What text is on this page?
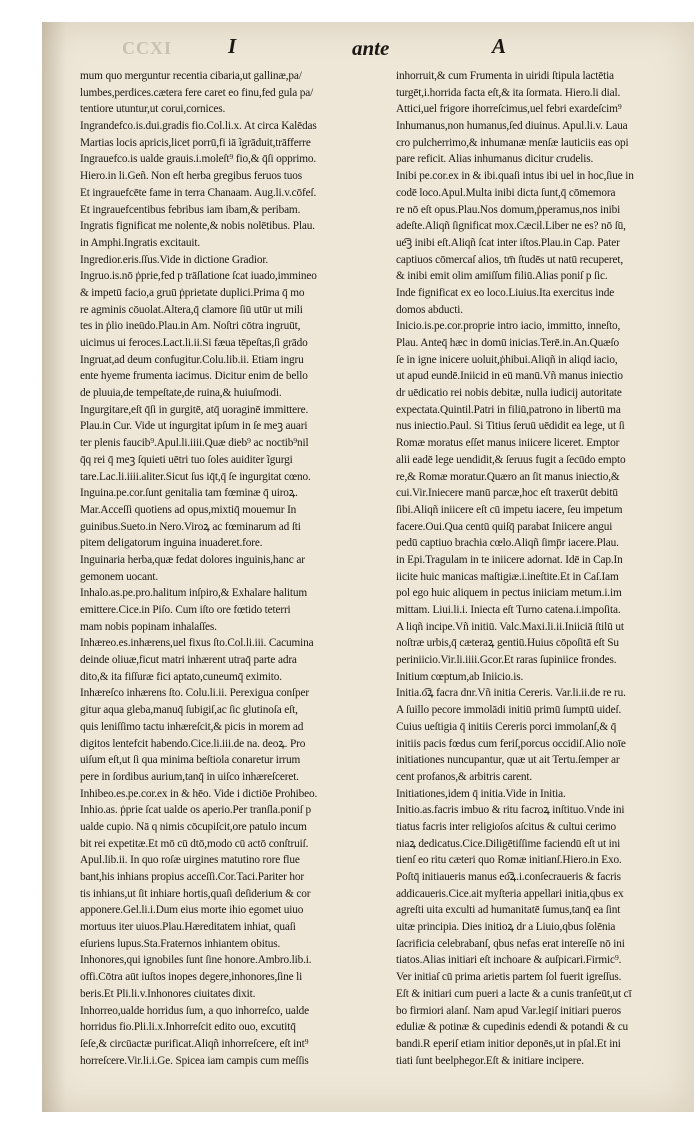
CCXI	I	ante	A
mum quo merguntur recentia cibaria,ut gallinæ,pa/
lumbes,perdices.cætera fere caret eo finu,fed gula pa/
tentiore utuntur,ut corui,cornices.
Ingrandefco.is.dui.gradis fio.Col.li.x. At circa Kalēdas
Martias locis apricis,licet porrū,fi iā ĩgrāduit,trāfferre
Ingrauefco.is ualde grauis.i.moleſt⁹ fio,& q̄ſi opprimo.
Hiero.in li.Geñ. Non eſt herba gregibus feruos tuos
Et ingrauefcēte fame in terra Chanaam. Aug.li.v.cōfeſ.
Et ingrauefcentibus febribus iam ibam,& peribam.
Ingratis fignificat me nolente,& nobis nolētibus. Plau.
in Amphi.Ingratis excitauit.
Ingredior.eris.ſſus.Vide in dictione Gradior.
Ingruo.is.nō ṗprie,fed p trāſlatione ſcat iuado,immineo
& impetū facio,a gruū ṗprietate duplici.Prima q̄ mo
re agminis cōuolat.Altera,q̄ clamore ſiū utūr ut mili
tes in ṗlio ineūdo.Plau.in Am. Noſtri cōtra ingruūt,
uicimus ui feroces.Lact.li.ii.Si fæua tēpeſtas,ſi grādo
Ingruat,ad deum confugitur.Colu.lib.ii. Etiam ingru
ente hyeme frumenta iacimus. Dicitur enim de bello
de pluuia,de tempeſtate,de ruina,& huiuſmodi.
Ingurgitare,eſt q̄ſi in gurgitē, atq̄ uoraginē immittere.
Plau.in Cur. Vide ut ingurgitat ipſum in ſe meꝫ auari
ter plenis faucib⁹.Apul.li.iiii.Quæ dieb⁹ ac noctib⁹nil
q̄q rei q̄ meꝫ ſquieti uētri tuo ſoles auiditer ĩgurgi
tare.Lac.li.iiii.aliter.Sicut ſus iq̄t,q̄ ſe ingurgitat cœno.
Inguina.pe.cor.ſunt genitalia tam fœminæ q̄ uiroꝝ.
Mar.Acceſſi quotiens ad opus,mixtiq̄ mouemur In
guinibus.Sueto.in Nero.Viroꝝ ac fœminarum ad ſti
pitem deligatorum inguina inuaderet.fore.
Inguinaria herba,quæ fedat dolores inguinis,hanc ar
gemonem uocant.
Inhalo.as.pe.pro.halitum inſpiro,& Exhalare halitum
emittere.Cice.in Piſo. Cum iſto ore fœtido teterri
mam nobis popinam inhalaſſes.
Inhæreo.es.inhærens,uel fixus ſto.Col.li.iii. Cacumina
deinde oliuæ,ficut matri inhærent utraq̄ parte adra
dito,& ita fiſſuræ fici aptato,cuneumq̄ eximito.
Inhæreſco inhærens ſto. Colu.li.ii. Perexigua conſper
gitur aqua gleba,manuq̄ ſubigiſ,ac ſic glutinoſa eſt,
quis leniſſimo tactu inhæreſcit,& picis in morem ad
digitos lentefcit habendo.Cice.li.iii.de na. deoꝝ. Pro
uiſum eſt,ut ſi qua minima beſtiola conaretur irrum
pere in ſordibus aurium,tanq̄ in uiſco inhæreſceret.
Inhibeo.es.pe.cor.ex in & hēo. Vide i dictiōe Prohibeo.
Inhio.as. ṗprie ſcat ualde os aperio.Per tranſla.poniſ p
ualde cupio. Nā q nimis cōcupiſcit,ore patulo incum
bit rei expetitæ.Et mō cū dtō,modo cū actō conſtruiſ.
Apul.lib.ii. In quo roſæ uirgines matutino rore flue
bant,his inhians propius acceſſi.Cor.Taci.Pariter hor
tis inhians,ut ſit inhiare hortis,quaſi deſiderium & cor
apponere.Gel.li.i.Dum eius morte ihio egomet uiuo
mortuus iter uiuos.Plau.Hæreditatem inhiat, quaſi
eſuriens lupus.Sta.Fraternos inhiantem obitus.
Inhonores,qui ignobiles ſunt ſine honore.Ambro.lib.i.
offi.Cōtra aūt iuſtos inopes degere,inhonores,ſine li
beris.Et Pli.li.v.Inhonores ciuitates dixit.
Inhorreo,ualde horridus ſum, a quo inhorreſco, ualde
horridus fio.Pli.li.x.Inhorreſcit edito ouo, excutitq̄
ſeſe,& circūactæ purificat.Aliqñ inhorreſcere, eſt int⁹
horreſcere.Vir.li.i.Ge. Spicea iam campis cum meſſis
inhorruit,& cum Frumenta in uiridi ſtipula lactētia
turgēt,i.horrida facta eſt,& ita ſormata. Hiero.li dial.
Attici,uel frigore ihorreſcimus,uel febri exardeſcim⁹
Inhumanus,non humanus,ſed diuinus. Apul.li.v. Laua
cro pulcherrimo,& inhumanæ menſæ lauticiis eas opi
pare reficit. Alias inhumanus dicitur crudelis.
Inibi pe.cor.ex in & ibi.quaſi intus ibi uel in hoc,ſiue in
codē loco.Apul.Multa inibi dicta ſunt,q̄ cōmemora
re nō eſt opus.Plau.Nos domum,ṗperamus,nos inibi
adeſte.Aliqñ ſignificat mox.Cæcil.Liber ne es? nō ſū,
ue͡ꝫ inibi eſt.Aliqñ ſcat inter iſtos.Plau.in Cap. Pater
captiuos cōmercaſ alios, tm̄ ſtudēs ut natū recuperet,
& inibi emit olim amiſſum filiū.Alias poniſ p ſic.
Inde fignificat ex eo loco.Liuius.Ita exercitus inde
domos abducti.
Inicio.is.pe.cor.proprie intro iacio, immitto, inneſto,
Plau. Anteq̄ hæc in domū inicias.Terē.in.An.Quæſo
ſe in igne inicere uoluit,ṗhibui.Aliqñ in aliqd iacio,
ut apud eundē.Iniicid in eū manū.Vñ manus iniectio
dr uēdicatio rei nobis debitæ, nulla iudicij autoritate
expectata.Quintil.Patri in filiū,patrono in libertū ma
nus iniectio.Paul. Si Titius ſeruū uēdidit ea lege, ut ſi
Romæ moratus eſſet manus iniicere liceret. Emptor
alii eadē lege uendidit,& ſeruus fugit a ſecūdo empto
re,& Romæ moratur.Quæro an ſit manus iniectio,&
cui.Vir.Iniecere manū parcæ,hoc eſt traxerūt debitū
ſibi.Aliqñ iniicere eſt cū impetu iacere, ſeu impetum
facere.Oui.Qua centū quiſq̄ parabat Iniicere angui
pedū captiuo brachia cœlo.Aliqñ ſimp̄r iacere.Plau.
in Epi.Tragulam in te iniicere adornat. Idē in Cap.In
iicite huic manicas maſtigiæ.i.ineſtite.Et in Caſ.Iam
pol ego huic aliquem in pectus iniiciam metum.i.im
mittam. Liui.li.i. Iniecta eſt Turno catena.i.impoſita.
A liqñ incipe.Vñ initiū. Valc.Maxi.li.ii.Iniiciā ſtilū ut
noſtræ urbis,q̄ cæteraꝝ gentiū.Huius cōpoſitā eſt Su
periniicio.Vir.li.iiii.Gcor.Et raras ſupiniice frondes.
Initium cœptum,ab Iniicio.is.
Initia.o͡ꝝ facra dnr.Vñ initia Cereris. Var.li.ii.de re ru.
A ſuillo pecore immolādi initiū primū ſumptū uideſ.
Cuius ueſtigia q̄ initiis Cereris porci immolanſ,& q̄
initiis pacis fœdus cum feriſ,porcus occidiſ.Alio noīe
initiationes nuncupantur, quæ ut ait Tertu.ſemper ar
cent profanos,& arbitris carent.
Initiationes,idem q̄ initia.Vide in Initia.
Initio.as.facris imbuo & ritu facroꝝ inſtituo.Vnde ini
tiatus facris inter religioſos aſcitus & cultui cerimo
niaꝝ dedicatus.Cice.Diligētiſſime faciendū eſt ut ini
tienſ eo ritu cæteri quo Romæ initianſ.Hiero.in Exo.
Poſtq̄ initiaueris manus eo͡ꝝ.i.conſecraueris & facris
addicaueris.Cice.ait myſteria appellari initia,qbus ex
agreſti uita exculti ad humanitatē ſumus,tanq̄ ea ſint
uitæ principia. Dies initioꝝ dr a Liuio,qbus ſolēnia
ſacrificia celebrabanſ, qbus nefas erat intereſſe nō ini
tiatos.Alias initiari eſt inchoare & auſpicari.Firmic⁹.
Ver initiaſ cū prima arietis partem ſol fuerit igreſſus.
Eſt & initiari cum pueri a lacte & a cunis tranſeūt,ut cī
bo firmiori alanſ. Nam apud Var.legiſ initiari pueros
eduliæ & potinæ & cupedinis edendi & potandi & cu
bandi.R eperiſ etiam initior deponēs,ut in pſal.Et ini
tiati ſunt beelphegor.Eſt & initiare incipere.
